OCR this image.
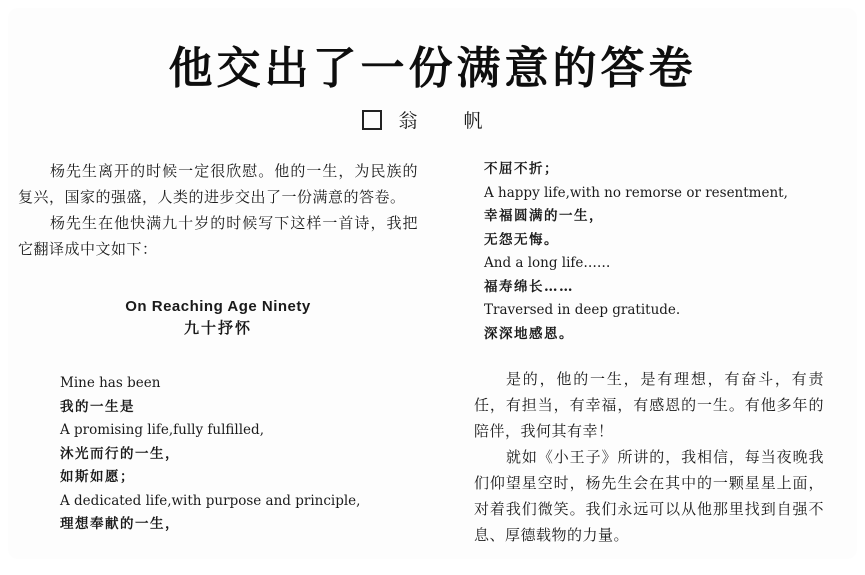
他交出了一份满意的答卷
翁 帆

杨先生离开的时候一定很欣慰。他的一生，为民族的复兴，国家的强盛，人类的进步交出了一份满意的答卷。

杨先生在他快满九十岁的时候写下这样一首诗，我把它翻译成中文如下：

On Reaching Age Ninety
九十抒怀
Mine has been
我的一生是
A promising life,fully fulfilled,
沐光而行的一生，
如斯如愿；
A dedicated life,with purpose and principle,
理想奉献的一生，
不屈不折；
A happy life,with no remorse or resentment,
幸福圆满的一生，
无怨无悔。
And a long life……
福寿绵长……
Traversed in deep gratitude.
深深地感恩。

是的，他的一生，是有理想，有奋斗，有责任，有担当，有幸福，有感恩的一生。有他多年的陪伴，我何其有幸！

就如《小王子》所讲的，我相信，每当夜晚我们仰望星空时，杨先生会在其中的一颗星星上面，对着我们微笑。我们永远可以从他那里找到自强不息、厚德载物的力量。
